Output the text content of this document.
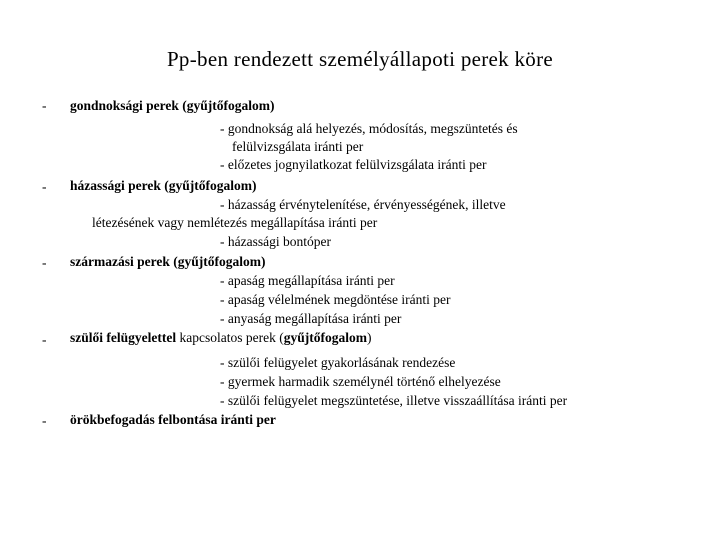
Pp-ben rendezett személyállapoti perek köre
- gondnoksági perek (gyűjtőfogalom)
- gondnokság alá helyezés, módosítás, megszüntetés és
felülvizsgálata iránti per
- előzetes jognyilatkozat felülvizsgálata iránti per
- házassági perek (gyűjtőfogalom)
- házasság érvénytelenítése, érvényességének, illetve
létezésének vagy nemlétezés megállapítása iránti per
- házassági bontóper
- származási perek (gyűjtőfogalom)
- apaság megállapítása iránti per
- apaság vélelmének megdöntése iránti per
- anyaság megállapítása iránti per
- szülői felügyelettel kapcsolatos perek (gyűjtőfogalom)
- szülői felügyelet gyakorlásának rendezése
- gyermek harmadik személynél történő elhelyezése
- szülői felügyelet megszüntetése, illetve visszaállítása iránti per
- örökbefogadás felbontása iránti per
